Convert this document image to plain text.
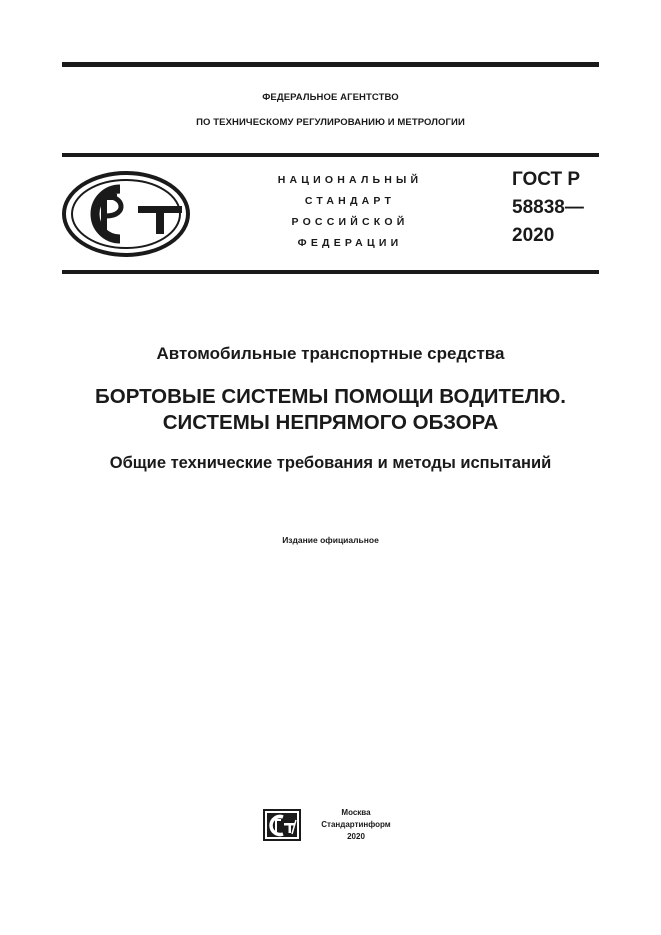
ФЕДЕРАЛЬНОЕ АГЕНТСТВО
ПО ТЕХНИЧЕСКОМУ РЕГУЛИРОВАНИЮ И МЕТРОЛОГИИ
НАЦИОНАЛЬНЫЙ
СТАНДАРТ
РОССИЙСКОЙ
ФЕДЕРАЦИИ
ГОСТ Р
58838—
2020
Автомобильные транспортные средства
БОРТОВЫЕ СИСТЕМЫ ПОМОЩИ ВОДИТЕЛЮ.
СИСТЕМЫ НЕПРЯМОГО ОБЗОРА
Общие технические требования и методы испытаний
Издание официальное
Москва
Стандартинформ
2020
